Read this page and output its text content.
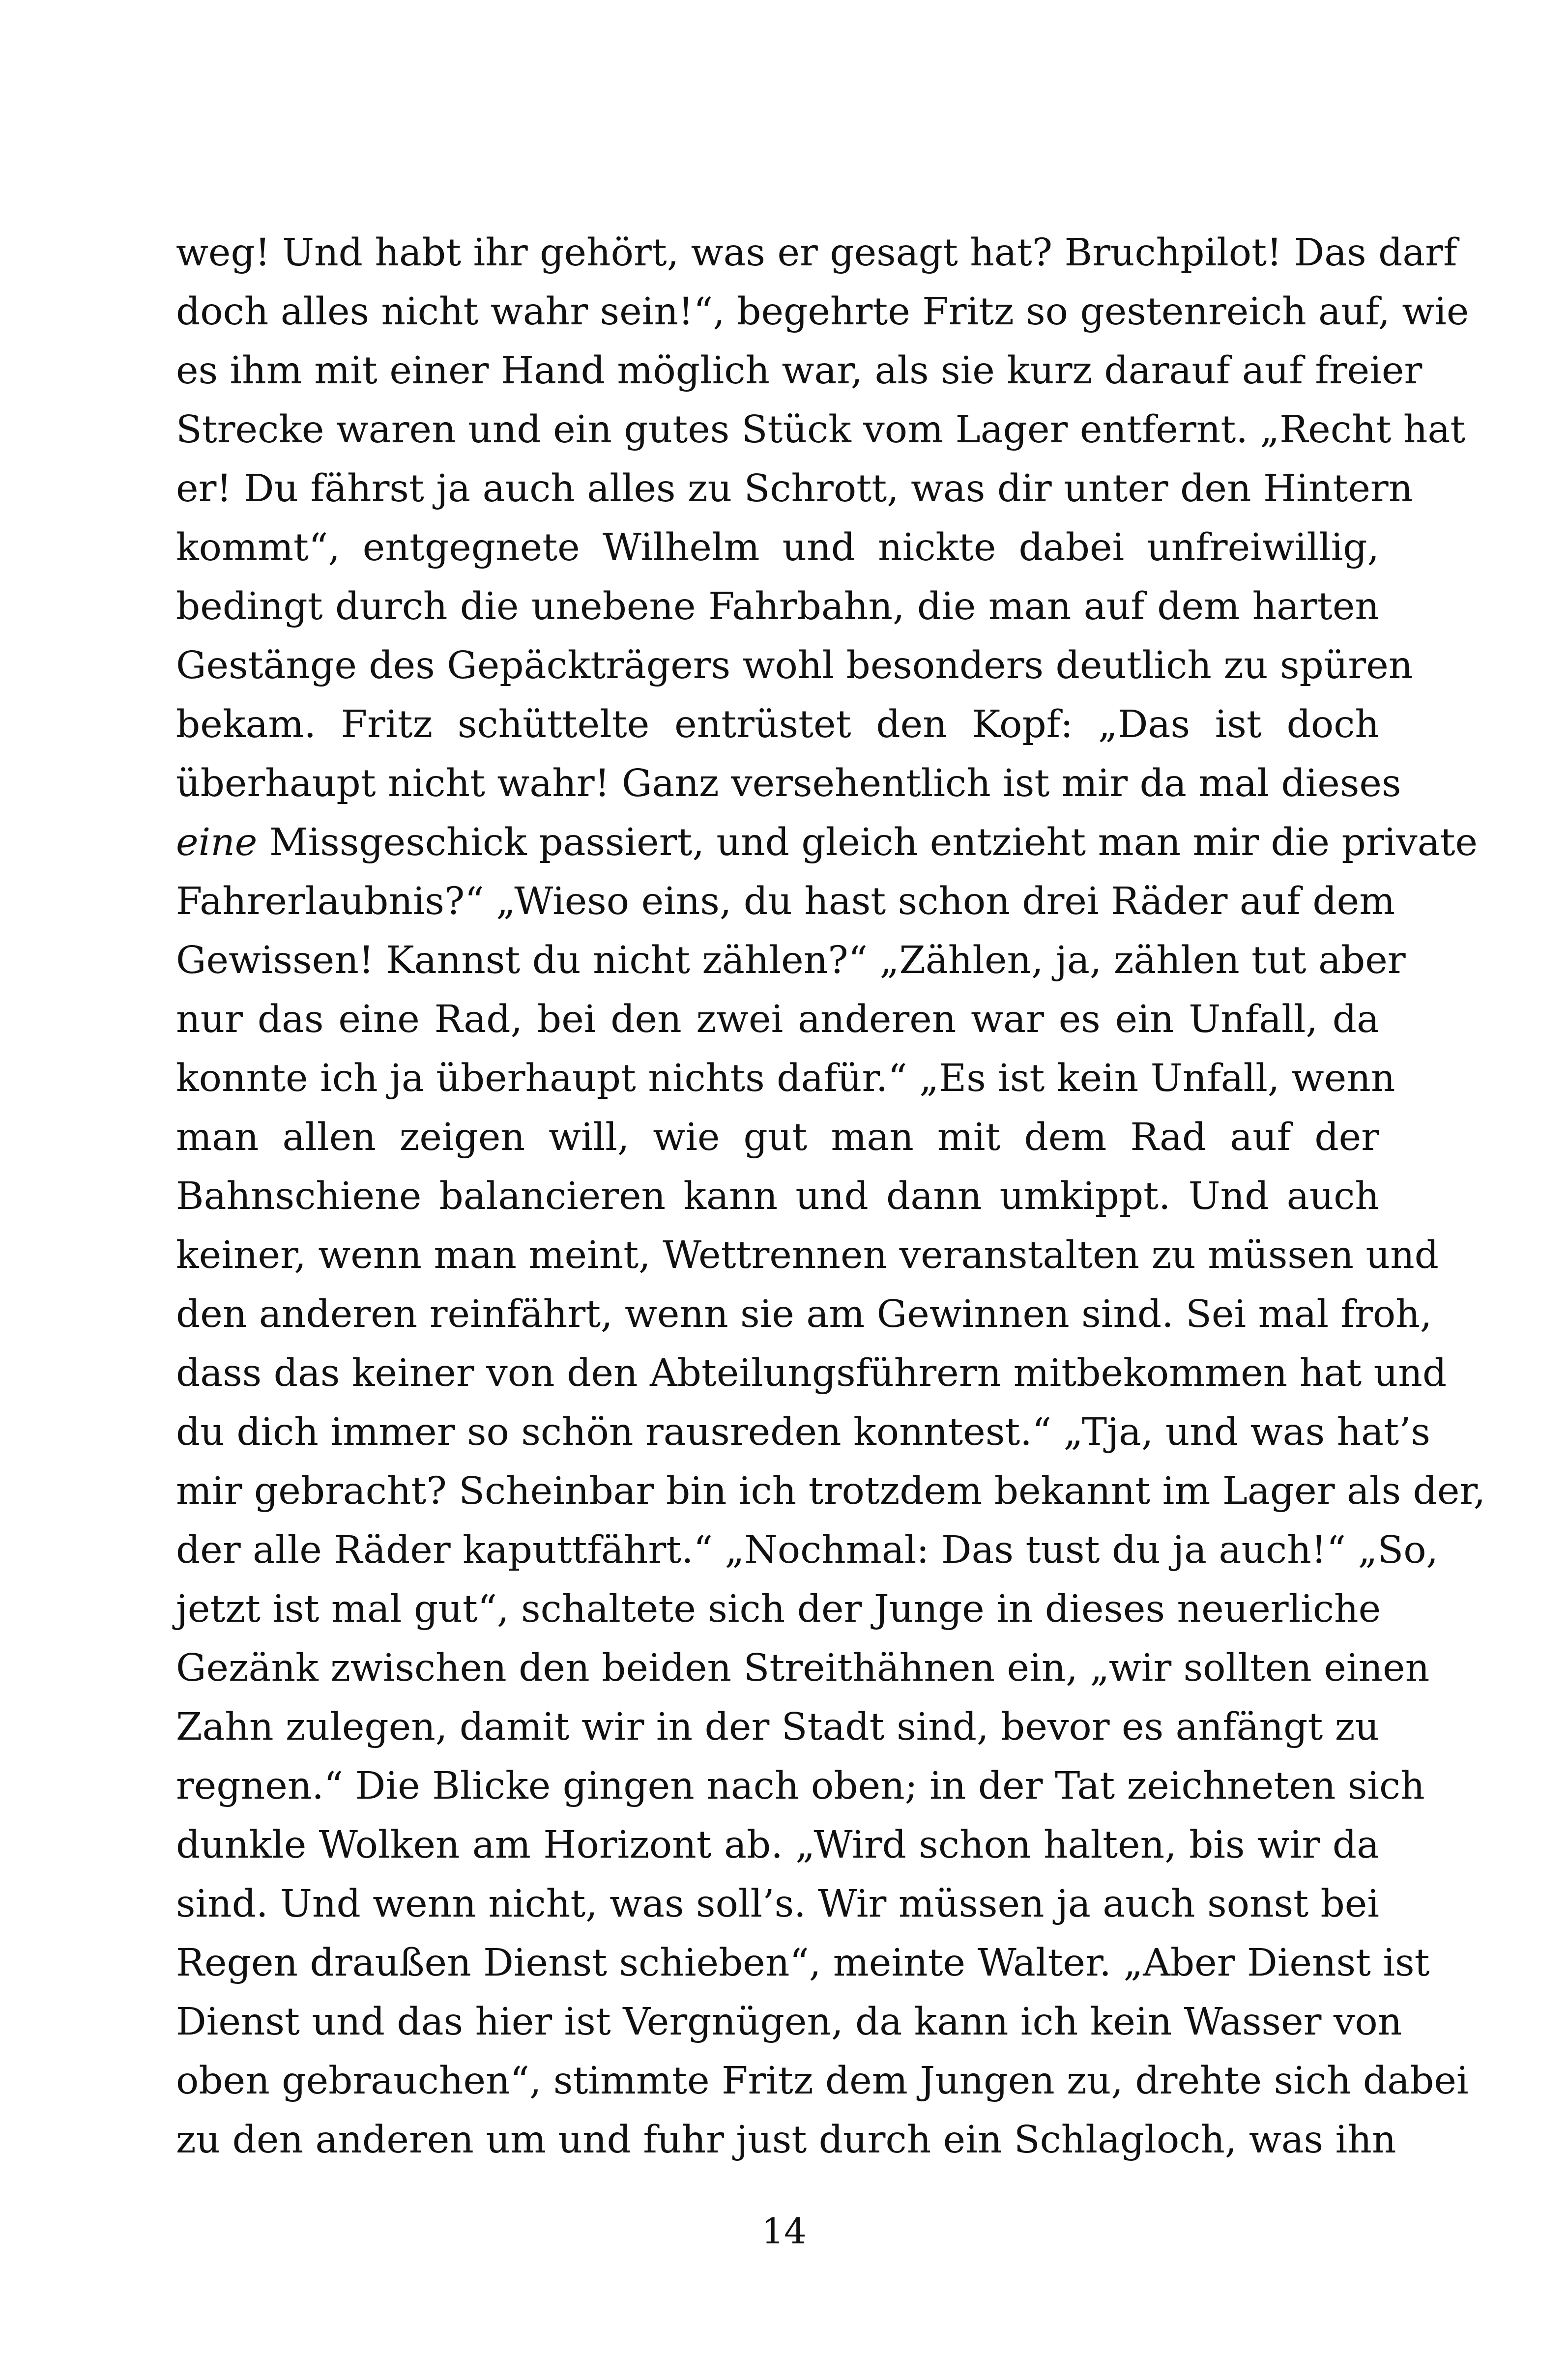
weg! Und habt ihr gehört, was er gesagt hat? Bruchpilot! Das darf
doch alles nicht wahr sein!“, begehrte Fritz so gestenreich auf, wie
es ihm mit einer Hand möglich war, als sie kurz darauf auf freier
Strecke waren und ein gutes Stück vom Lager entfernt. „Recht hat
er! Du fährst ja auch alles zu Schrott, was dir unter den Hintern
kommt“, entgegnete Wilhelm und nickte dabei unfreiwillig,
bedingt durch die unebene Fahrbahn, die man auf dem harten
Gestänge des Gepäckträgers wohl besonders deutlich zu spüren
bekam. Fritz schüttelte entrüstet den Kopf: „Das ist doch
überhaupt nicht wahr! Ganz versehentlich ist mir da mal dieses
eine Missgeschick passiert, und gleich entzieht man mir die private
Fahrerlaubnis?“ „Wieso eins, du hast schon drei Räder auf dem
Gewissen! Kannst du nicht zählen?“ „Zählen, ja, zählen tut aber
nur das eine Rad, bei den zwei anderen war es ein Unfall, da
konnte ich ja überhaupt nichts dafür.“ „Es ist kein Unfall, wenn
man allen zeigen will, wie gut man mit dem Rad auf der
Bahnschiene balancieren kann und dann umkippt. Und auch
keiner, wenn man meint, Wettrennen veranstalten zu müssen und
den anderen reinfährt, wenn sie am Gewinnen sind. Sei mal froh,
dass das keiner von den Abteilungsführern mitbekommen hat und
du dich immer so schön rausreden konntest.“ „Tja, und was hat’s
mir gebracht? Scheinbar bin ich trotzdem bekannt im Lager als der,
der alle Räder kaputtfährt.“ „Nochmal: Das tust du ja auch!“ „So,
jetzt ist mal gut“, schaltete sich der Junge in dieses neuerliche
Gezänk zwischen den beiden Streithähnen ein, „wir sollten einen
Zahn zulegen, damit wir in der Stadt sind, bevor es anfängt zu
regnen.“ Die Blicke gingen nach oben; in der Tat zeichneten sich
dunkle Wolken am Horizont ab. „Wird schon halten, bis wir da
sind. Und wenn nicht, was soll’s. Wir müssen ja auch sonst bei
Regen draußen Dienst schieben“, meinte Walter. „Aber Dienst ist
Dienst und das hier ist Vergnügen, da kann ich kein Wasser von
oben gebrauchen“, stimmte Fritz dem Jungen zu, drehte sich dabei
zu den anderen um und fuhr just durch ein Schlagloch, was ihn
14
